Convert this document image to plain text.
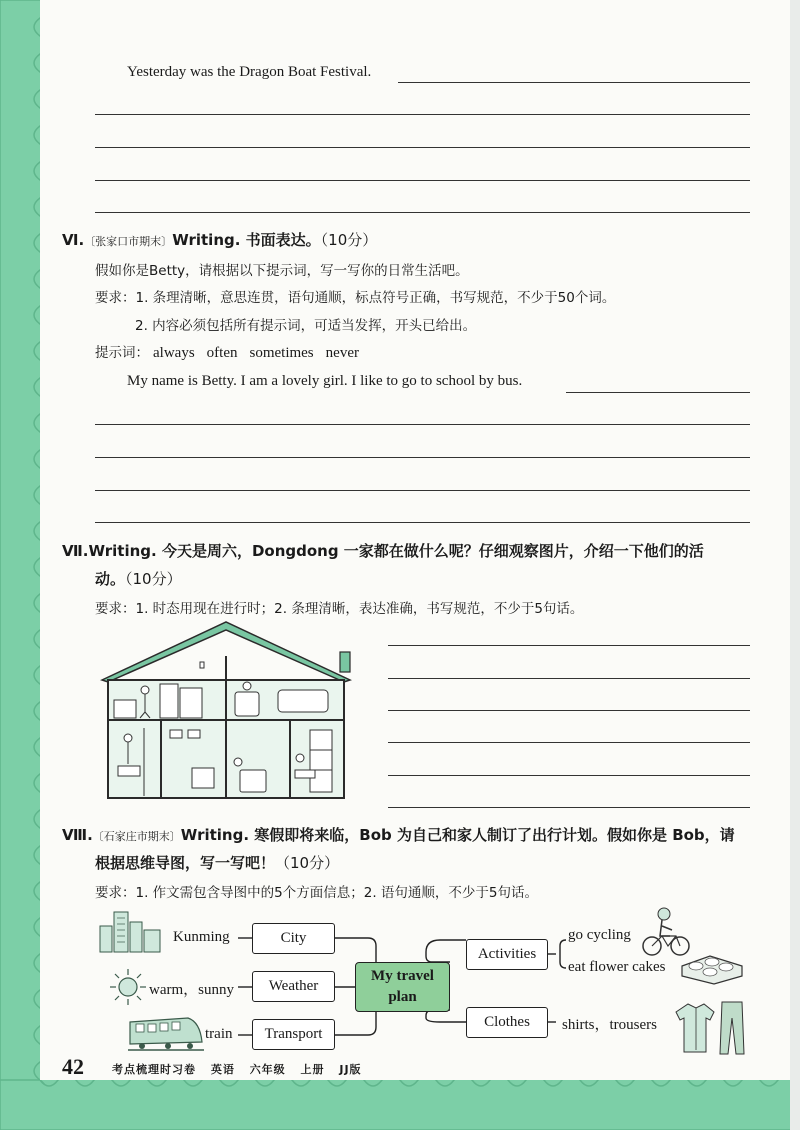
Yesterday was the Dragon Boat Festival.
Ⅵ.〔张家口市期末〕Writing. 书面表达。（10分）
假如你是Betty，请根据以下提示词，写一写你的日常生活吧。
要求：1. 条理清晰，意思连贯，语句通顺，标点符号正确，书写规范，不少于50个词。
2. 内容必须包括所有提示词，可适当发挥，开头已给出。
提示词： always often sometimes never
My name is Betty. I am a lovely girl. I like to go to school by bus.
Ⅶ.Writing. 今天是周六，Dongdong 一家都在做什么呢？仔细观察图片，介绍一下他们的活
动。（10分）
要求：1. 时态用现在进行时；2. 条理清晰，表达准确，书写规范，不少于5句话。
Ⅷ.〔石家庄市期末〕Writing. 寒假即将来临，Bob 为自己和家人制订了出行计划。假如你是 Bob，请
根据思维导图，写一写吧！（10分）
要求：1. 作文需包含导图中的5个方面信息；2. 语句通顺，不少于5句话。
Kunming
warm，sunny
train
City
Weather
Transport
My travel
plan
Activities
Clothes
go cycling
eat flower cakes
shirts，trousers
42	考点梳理时习卷 英语 六年级 上册 JJ版
